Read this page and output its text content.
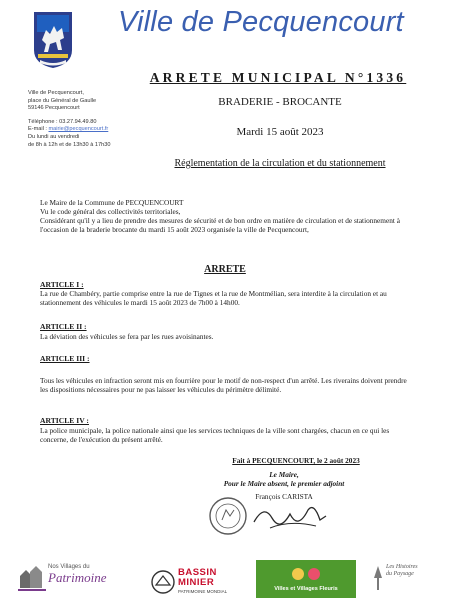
Ville de Pecquencourt
ARRETE MUNICIPAL N°1336
Ville de Pecquencourt,
place du Général de Gaulle
59146 Pecquencourt
Téléphone : 03.27.94.49.80
E-mail : mairie@pecquencourt.fr
Du lundi au vendredi
de 8h à 12h et de 13h30 à 17h30
BRADERIE - BROCANTE
Mardi 15 août 2023
Réglementation de la circulation et du stationnement
Le Maire de la Commune de PECQUENCOURT
Vu le code général des collectivités territoriales,
Considérant qu'il y a lieu de prendre des mesures de sécurité et de bon ordre en matière de circulation et de stationnement à l'occasion de la braderie brocante du mardi 15 août 2023 organisée la ville de Pecquencourt,
ARRETE
ARTICLE I :
La rue de Chambéry, partie comprise entre la rue de Tignes et la rue de Montmélian, sera interdite à la circulation et au stationnement des véhicules le mardi 15 août 2023 de 7h00 à 14h00.
ARTICLE II :
La déviation des véhicules se fera par les rues avoisinantes.
ARTICLE III :
Tous les véhicules en infraction seront mis en fourrière pour le motif de non-respect d'un arrêté. Les riverains doivent prendre les dispositions nécessaires pour ne pas laisser les véhicules du périmètre délimité.
ARTICLE IV :
La police municipale, la police nationale ainsi que les services techniques de la ville sont chargées, chacun en ce qui les concerne, de l'exécution du présent arrêté.
Fait à PECQUENCOURT, le 2 août 2023
Le Maire,
Pour le Maire absent, le premier adjoint
François CARISTA
Nos Villages du
Patrimoine	BASSIN
MINIER
PATRIMOINE MONDIAL	Villes et Villages Fleuris
Les Histoires
du Paysage
